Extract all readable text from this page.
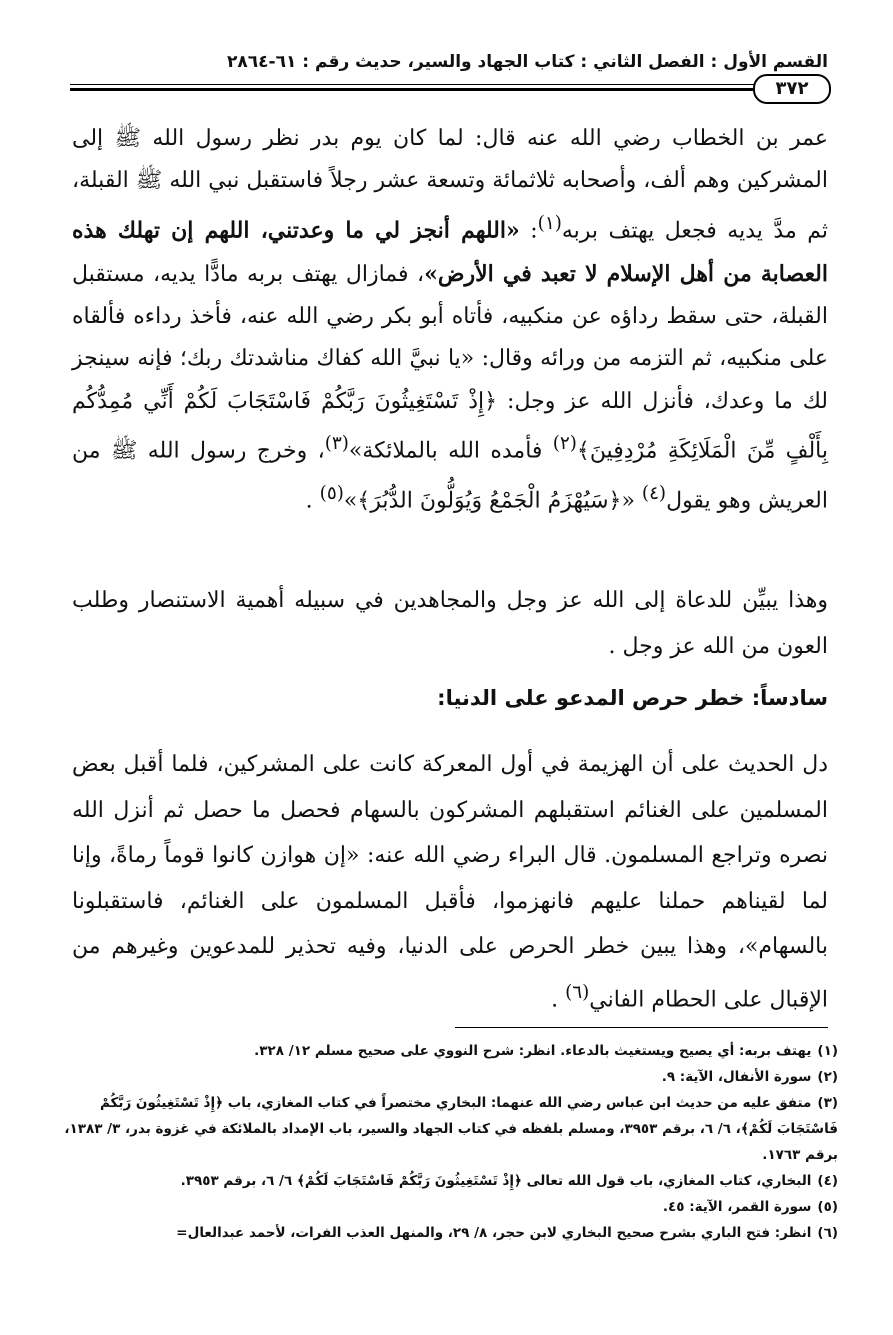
القسم الأول : الفصل الثاني : كتاب الجهاد والسير، حديث رقم : ٦١-٢٨٦٤
٣٧٢
عمر بن الخطاب رضي الله عنه قال: لما كان يوم بدر نظر رسول الله ﷺ إلى المشركين وهم ألف، وأصحابه ثلاثمائة وتسعة عشر رجلاً فاستقبل نبي الله ﷺ القبلة، ثم مدَّ يديه فجعل يهتف بربه$^{(١)}$: «اللهم أنجز لي ما وعدتني، اللهم إن تهلك هذه العصابة من أهل الإسلام لا تعبد في الأرض»، فمازال يهتف بربه مادًّا يديه، مستقبل القبلة، حتى سقط رداؤه عن منكبيه، فأتاه أبو بكر رضي الله عنه، فأخذ رداءه فألقاه على منكبيه، ثم التزمه من ورائه وقال: «يا نبيَّ الله كفاك مناشدتك ربك؛ فإنه سينجز لك ما وعدك، فأنزل الله عز وجل: ﴿إِذْ تَسْتَغِيثُونَ رَبَّكُمْ فَاسْتَجَابَ لَكُمْ أَنِّي مُمِدُّكُم بِأَلْفٍ مِّنَ الْمَلَائِكَةِ مُرْدِفِينَ﴾$^{(٢)}$ فأمده الله بالملائكة»$^{(٣)}$، وخرج رسول الله ﷺ من العريش وهو يقول$^{(٤)}$ «﴿سَيُهْزَمُ الْجَمْعُ وَيُوَلُّونَ الدُّبُرَ﴾»$^{(٥)}$ .
وهذا يبيِّن للدعاة إلى الله عز وجل والمجاهدين في سبيله أهمية الاستنصار وطلب العون من الله عز وجل .
سادساً: خطر حرص المدعو على الدنيا:
دل الحديث على أن الهزيمة في أول المعركة كانت على المشركين، فلما أقبل بعض المسلمين على الغنائم استقبلهم المشركون بالسهام فحصل ما حصل ثم أنزل الله نصره وتراجع المسلمون. قال البراء رضي الله عنه: «إن هوازن كانوا قوماً رماةً، وإنا لما لقيناهم حملنا عليهم فانهزموا، فأقبل المسلمون على الغنائم، فاستقبلونا بالسهام»، وهذا يبين خطر الحرص على الدنيا، وفيه تحذير للمدعوين وغيرهم من الإقبال على الحطام الفاني$^{(٦)}$ .

(١)يهتف بربه: أي يصيح ويستغيث بالدعاء. انظر: شرح النووي على صحيح مسلم ١٢/ ٣٢٨.

(٢)سورة الأنفال، الآية: ٩.

(٣)متفق عليه من حديث ابن عباس رضي الله عنهما: البخاري مختصراً في كتاب المغازي، باب ﴿إِذْ تَسْتَغِيثُونَ رَبَّكُمْ فَاسْتَجَابَ لَكُمْ﴾، ٦/ ٦، برقم ٣٩٥٣، ومسلم بلفظه في كتاب الجهاد والسير، باب الإمداد بالملائكة في غزوة بدر، ٣/ ١٣٨٣، برقم ١٧٦٣.

(٤)البخاري، كتاب المغازي، باب قول الله تعالى ﴿إِذْ تَسْتَغِيثُونَ رَبَّكُمْ فَاسْتَجَابَ لَكُمْ﴾ ٦/ ٦، برقم ٣٩٥٣.

(٥)سورة القمر، الآية: ٤٥.

(٦)انظر: فتح الباري بشرح صحيح البخاري لابن حجر، ٨/ ٢٩، والمنهل العذب الفرات، لأحمد عبدالعال=
